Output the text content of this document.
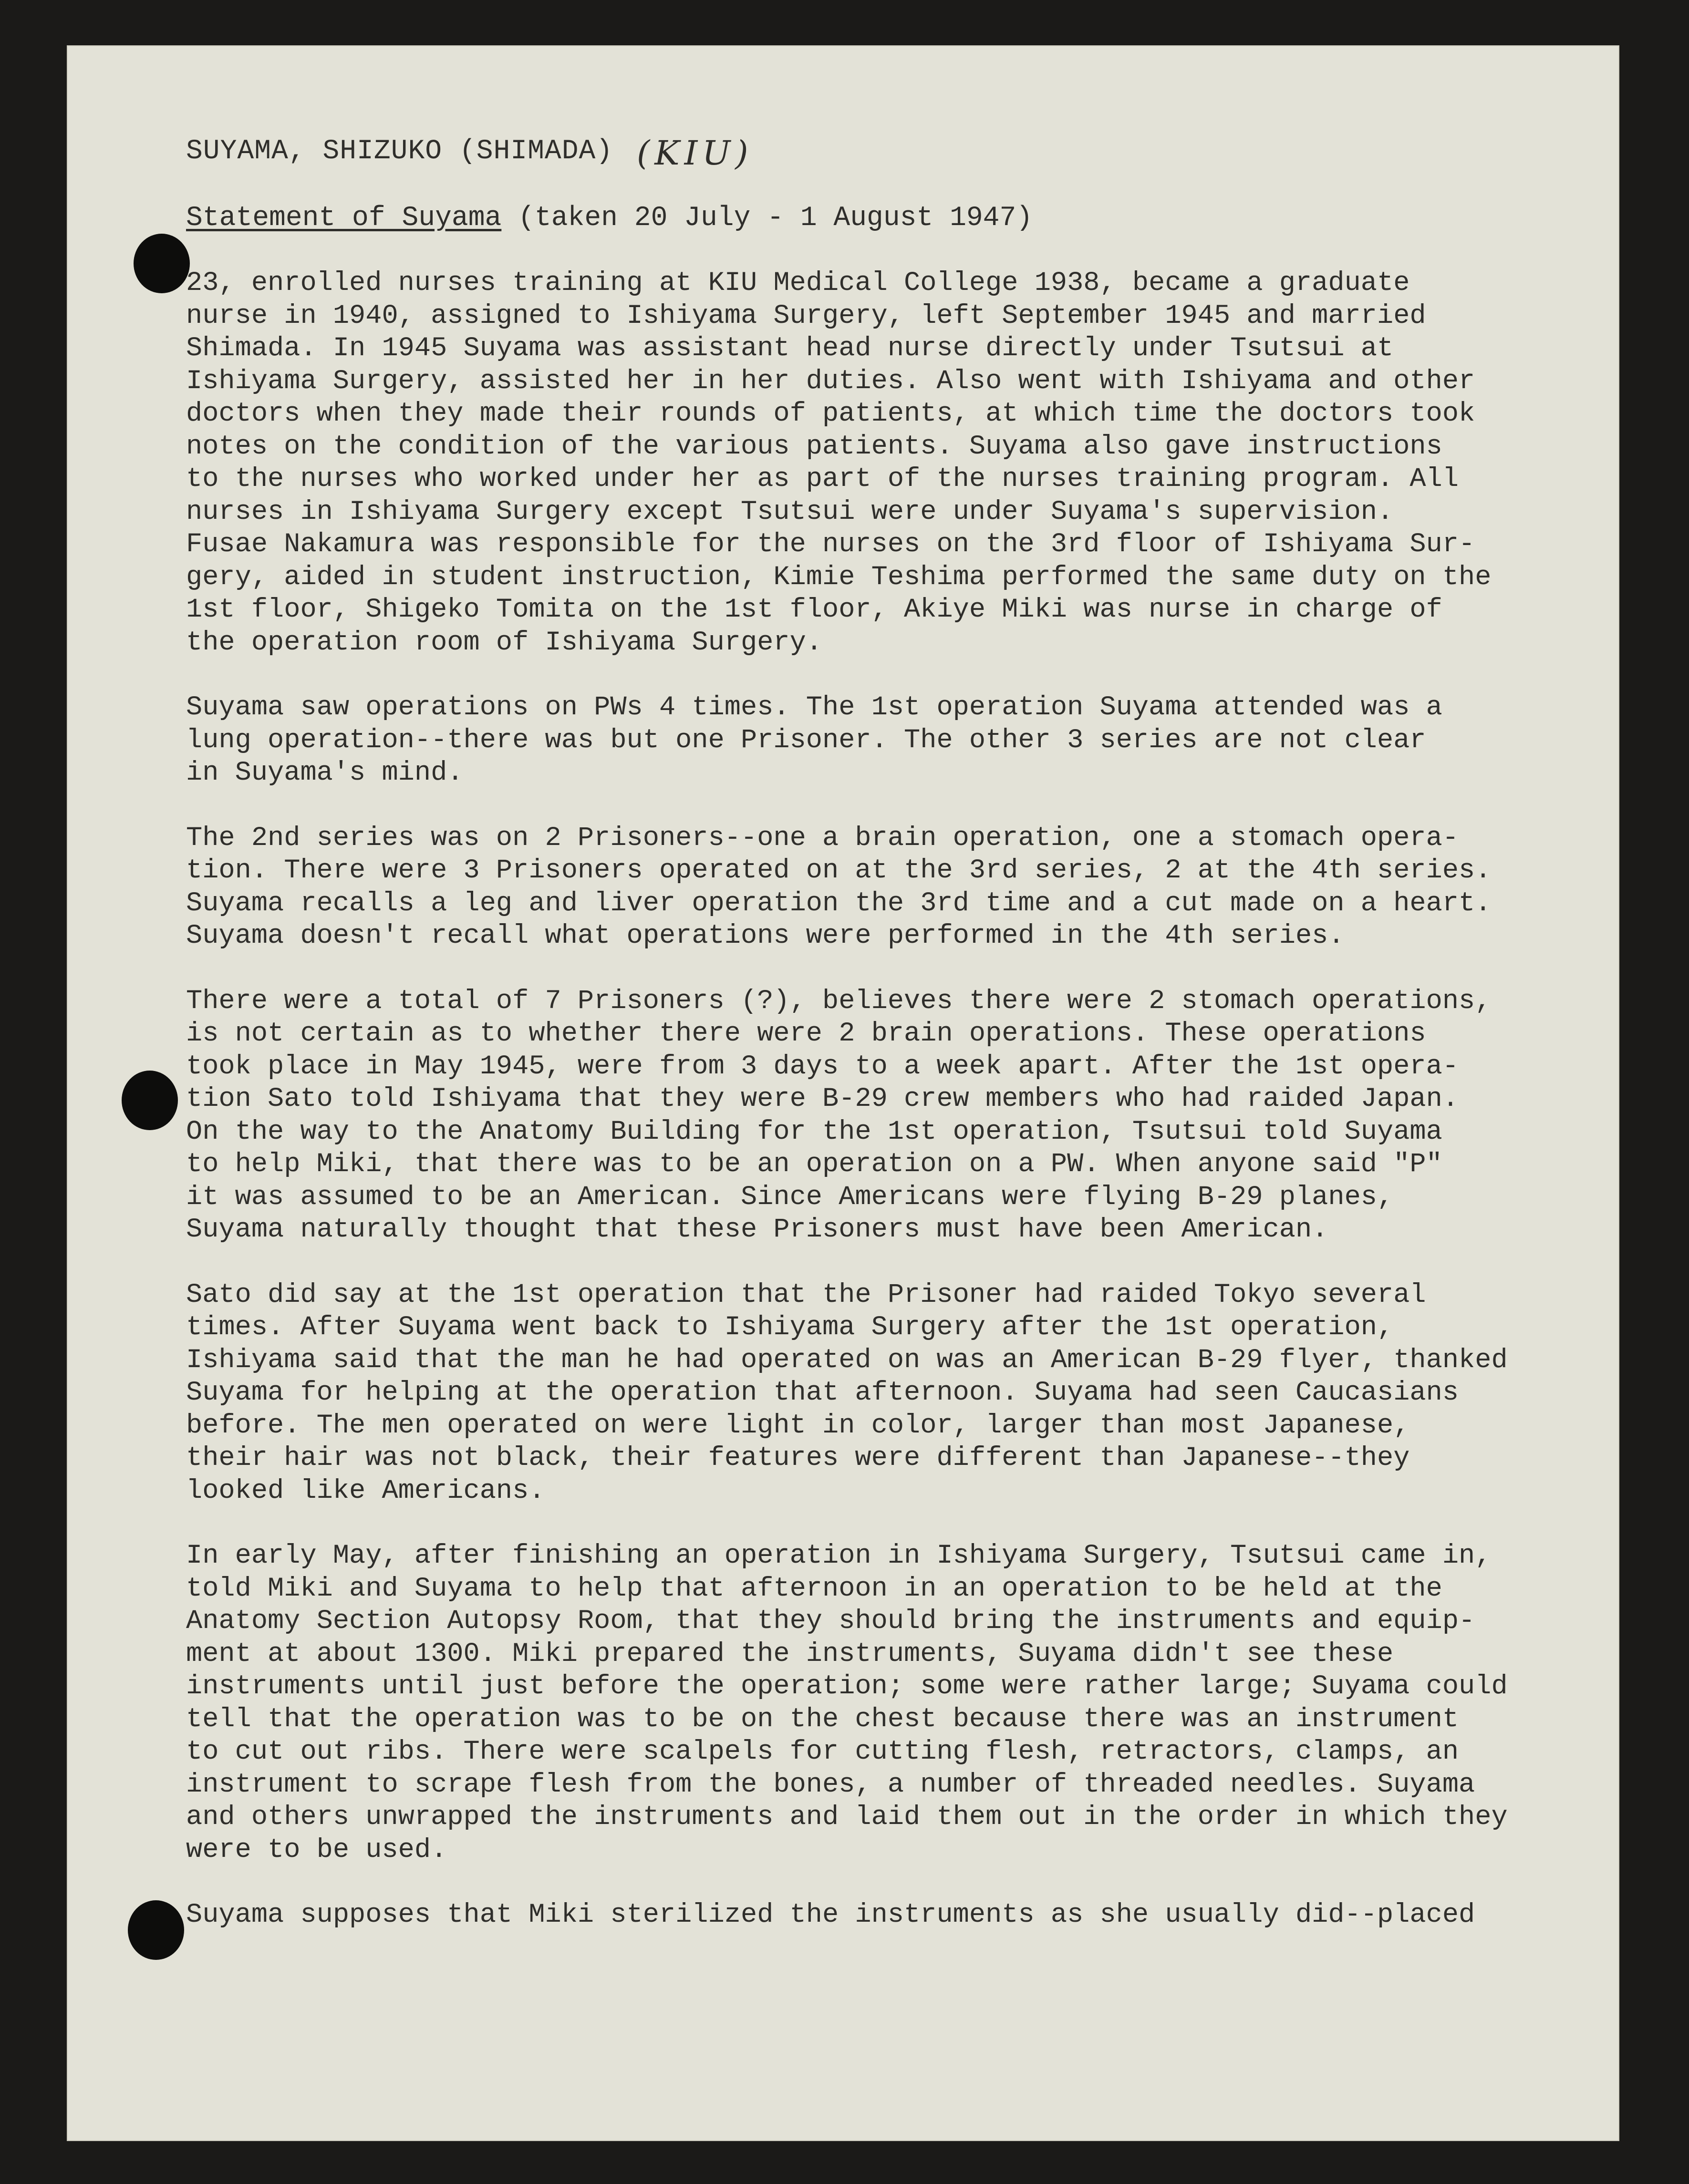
SUYAMA, SHIZUKO (SHIMADA) (KIU)
Statement of Suyama (taken 20 July - 1 August 1947)

23, enrolled nurses training at KIU Medical College 1938, became a graduate
nurse in 1940, assigned to Ishiyama Surgery, left September 1945 and married
Shimada. In 1945 Suyama was assistant head nurse directly under Tsutsui at
Ishiyama Surgery, assisted her in her duties. Also went with Ishiyama and other
doctors when they made their rounds of patients, at which time the doctors took
notes on the condition of the various patients. Suyama also gave instructions
to the nurses who worked under her as part of the nurses training program. All
nurses in Ishiyama Surgery except Tsutsui were under Suyama's supervision.
Fusae Nakamura was responsible for the nurses on the 3rd floor of Ishiyama Sur-
gery, aided in student instruction, Kimie Teshima performed the same duty on the
1st floor, Shigeko Tomita on the 1st floor, Akiye Miki was nurse in charge of
the operation room of Ishiyama Surgery.

Suyama saw operations on PWs 4 times. The 1st operation Suyama attended was a
lung operation--there was but one Prisoner. The other 3 series are not clear
in Suyama's mind.

The 2nd series was on 2 Prisoners--one a brain operation, one a stomach opera-
tion. There were 3 Prisoners operated on at the 3rd series, 2 at the 4th series.
Suyama recalls a leg and liver operation the 3rd time and a cut made on a heart.
Suyama doesn't recall what operations were performed in the 4th series.

There were a total of 7 Prisoners (?), believes there were 2 stomach operations,
is not certain as to whether there were 2 brain operations. These operations
took place in May 1945, were from 3 days to a week apart. After the 1st opera-
tion Sato told Ishiyama that they were B-29 crew members who had raided Japan.
On the way to the Anatomy Building for the 1st operation, Tsutsui told Suyama
to help Miki, that there was to be an operation on a PW. When anyone said "P"
it was assumed to be an American. Since Americans were flying B-29 planes,
Suyama naturally thought that these Prisoners must have been American.

Sato did say at the 1st operation that the Prisoner had raided Tokyo several
times. After Suyama went back to Ishiyama Surgery after the 1st operation,
Ishiyama said that the man he had operated on was an American B-29 flyer, thanked
Suyama for helping at the operation that afternoon. Suyama had seen Caucasians
before. The men operated on were light in color, larger than most Japanese,
their hair was not black, their features were different than Japanese--they
looked like Americans.

In early May, after finishing an operation in Ishiyama Surgery, Tsutsui came in,
told Miki and Suyama to help that afternoon in an operation to be held at the
Anatomy Section Autopsy Room, that they should bring the instruments and equip-
ment at about 1300. Miki prepared the instruments, Suyama didn't see these
instruments until just before the operation; some were rather large; Suyama could
tell that the operation was to be on the chest because there was an instrument
to cut out ribs. There were scalpels for cutting flesh, retractors, clamps, an
instrument to scrape flesh from the bones, a number of threaded needles. Suyama
and others unwrapped the instruments and laid them out in the order in which they
were to be used.

Suyama supposes that Miki sterilized the instruments as she usually did--placed
